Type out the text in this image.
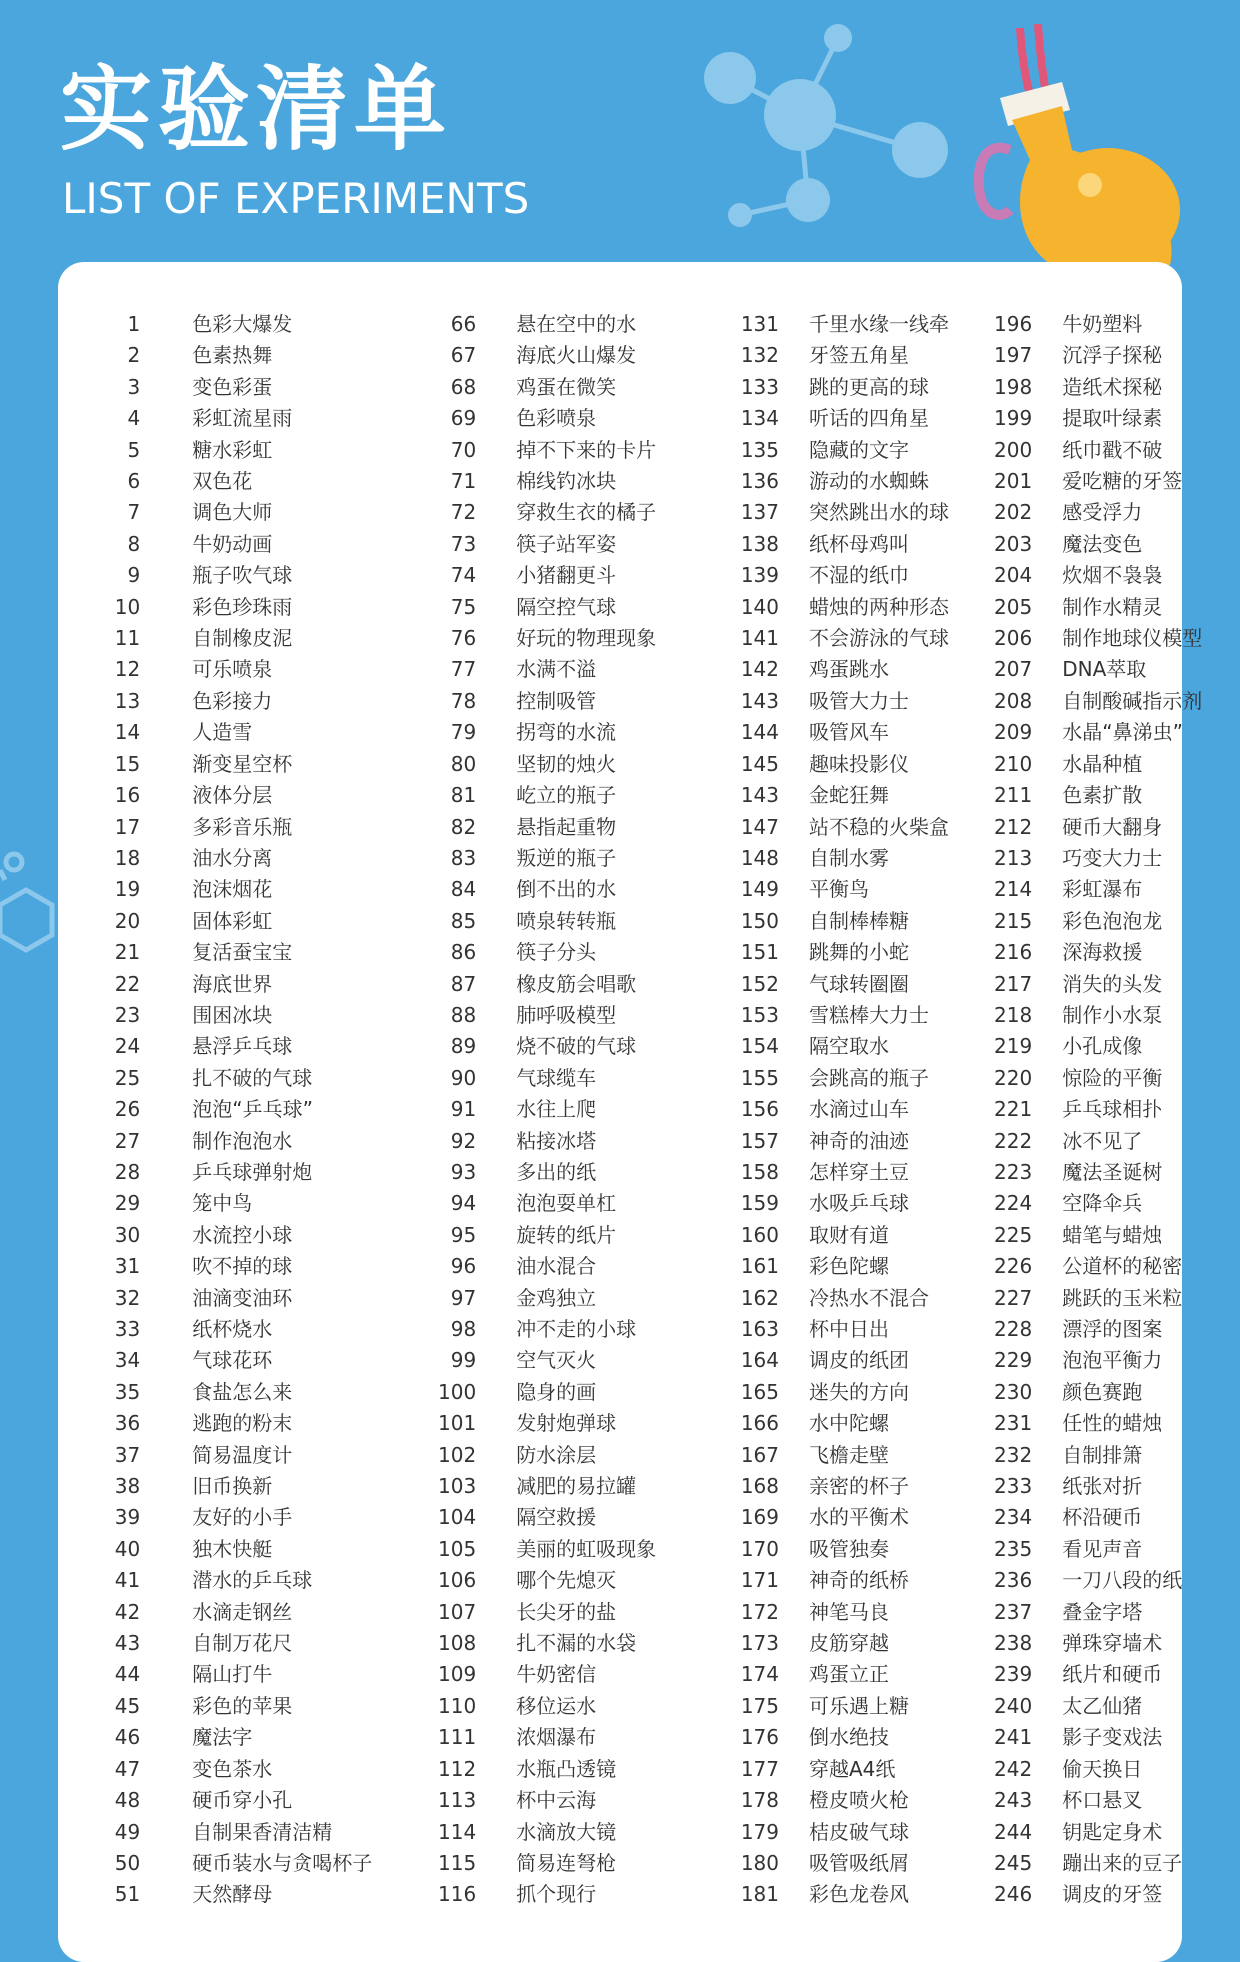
实验清单
LIST OF EXPERIMENTS
1	色彩大爆发	66	悬在空中的水	131	千里水缘一线牵	196	牛奶塑料
2	色素热舞	67	海底火山爆发	132	牙签五角星	197	沉浮子探秘
3	变色彩蛋	68	鸡蛋在微笑	133	跳的更高的球	198	造纸术探秘
4	彩虹流星雨	69	色彩喷泉	134	听话的四角星	199	提取叶绿素
5	糖水彩虹	70	掉不下来的卡片	135	隐藏的文字	200	纸巾戳不破
6	双色花	71	棉线钓冰块	136	游动的水蜘蛛	201	爱吃糖的牙签
7	调色大师	72	穿救生衣的橘子	137	突然跳出水的球	202	感受浮力
8	牛奶动画	73	筷子站军姿	138	纸杯母鸡叫	203	魔法变色
9	瓶子吹气球	74	小猪翻更斗	139	不湿的纸巾	204	炊烟不袅袅
10	彩色珍珠雨	75	隔空控气球	140	蜡烛的两种形态	205	制作水精灵
11	自制橡皮泥	76	好玩的物理现象	141	不会游泳的气球	206	制作地球仪模型
12	可乐喷泉	77	水满不溢	142	鸡蛋跳水	207	DNA萃取
13	色彩接力	78	控制吸管	143	吸管大力士	208	自制酸碱指示剂
14	人造雪	79	拐弯的水流	144	吸管风车	209	水晶“鼻涕虫”
15	渐变星空杯	80	坚韧的烛火	145	趣味投影仪	210	水晶种植
16	液体分层	81	屹立的瓶子	143	金蛇狂舞	211	色素扩散
17	多彩音乐瓶	82	悬指起重物	147	站不稳的火柴盒	212	硬币大翻身
18	油水分离	83	叛逆的瓶子	148	自制水雾	213	巧变大力士
19	泡沫烟花	84	倒不出的水	149	平衡鸟	214	彩虹瀑布
20	固体彩虹	85	喷泉转转瓶	150	自制棒棒糖	215	彩色泡泡龙
21	复活蚕宝宝	86	筷子分头	151	跳舞的小蛇	216	深海救援
22	海底世界	87	橡皮筋会唱歌	152	气球转圈圈	217	消失的头发
23	围困冰块	88	肺呼吸模型	153	雪糕棒大力士	218	制作小水泵
24	悬浮乒乓球	89	烧不破的气球	154	隔空取水	219	小孔成像
25	扎不破的气球	90	气球缆车	155	会跳高的瓶子	220	惊险的平衡
26	泡泡“乒乓球”	91	水往上爬	156	水滴过山车	221	乒乓球相扑
27	制作泡泡水	92	粘接冰塔	157	神奇的油迹	222	冰不见了
28	乒乓球弹射炮	93	多出的纸	158	怎样穿土豆	223	魔法圣诞树
29	笼中鸟	94	泡泡耍单杠	159	水吸乒乓球	224	空降伞兵
30	水流控小球	95	旋转的纸片	160	取财有道	225	蜡笔与蜡烛
31	吹不掉的球	96	油水混合	161	彩色陀螺	226	公道杯的秘密
32	油滴变油环	97	金鸡独立	162	冷热水不混合	227	跳跃的玉米粒
33	纸杯烧水	98	冲不走的小球	163	杯中日出	228	漂浮的图案
34	气球花环	99	空气灭火	164	调皮的纸团	229	泡泡平衡力
35	食盐怎么来	100	隐身的画	165	迷失的方向	230	颜色赛跑
36	逃跑的粉末	101	发射炮弹球	166	水中陀螺	231	任性的蜡烛
37	简易温度计	102	防水涂层	167	飞檐走壁	232	自制排箫
38	旧币换新	103	减肥的易拉罐	168	亲密的杯子	233	纸张对折
39	友好的小手	104	隔空救援	169	水的平衡术	234	杯沿硬币
40	独木快艇	105	美丽的虹吸现象	170	吸管独奏	235	看见声音
41	潜水的乒乓球	106	哪个先熄灭	171	神奇的纸桥	236	一刀八段的纸
42	水滴走钢丝	107	长尖牙的盐	172	神笔马良	237	叠金字塔
43	自制万花尺	108	扎不漏的水袋	173	皮筋穿越	238	弹珠穿墙术
44	隔山打牛	109	牛奶密信	174	鸡蛋立正	239	纸片和硬币
45	彩色的苹果	110	移位运水	175	可乐遇上糖	240	太乙仙猪
46	魔法字	111	浓烟瀑布	176	倒水绝技	241	影子变戏法
47	变色茶水	112	水瓶凸透镜	177	穿越A4纸	242	偷天换日
48	硬币穿小孔	113	杯中云海	178	橙皮喷火枪	243	杯口悬叉
49	自制果香清洁精	114	水滴放大镜	179	桔皮破气球	244	钥匙定身术
50	硬币装水与贪喝杯子	115	简易连弩枪	180	吸管吸纸屑	245	蹦出来的豆子
51	天然酵母	116	抓个现行	181	彩色龙卷风	246	调皮的牙签
